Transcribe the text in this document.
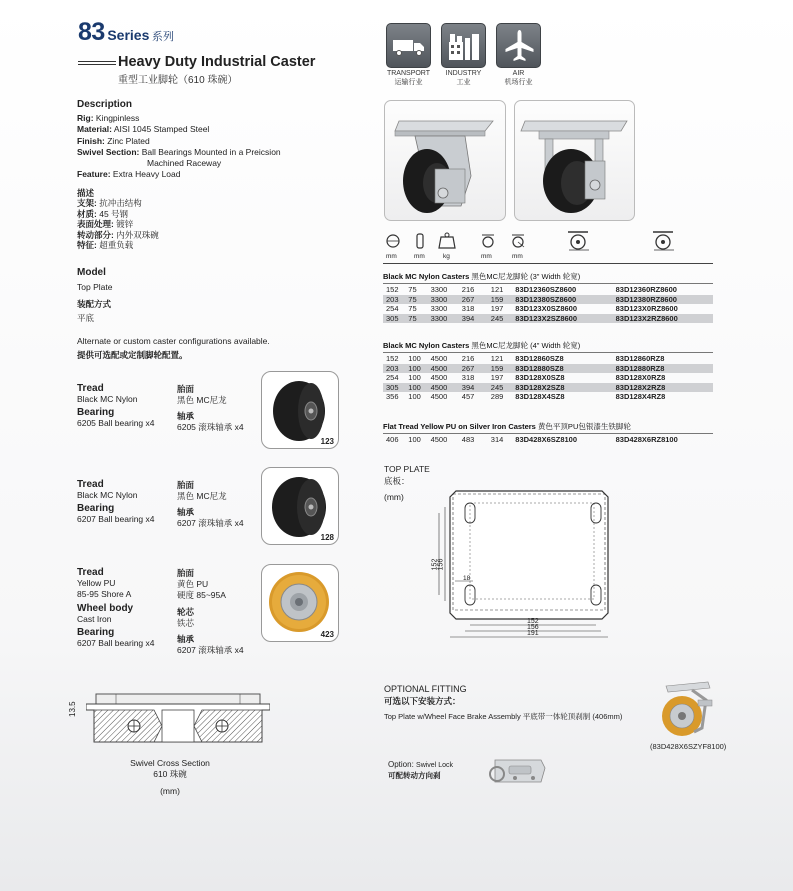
83 Series 系列
Heavy Duty Industrial Caster
重型工业脚轮（610 珠碗）
TRANSPORT
运输行业
INDUSTRY
工业
AIR
机场行业
Description
Rig: Kingpinless
Material: AISI 1045 Stamped Steel
Finish: Zinc Plated
Swivel Section: Ball Bearings Mounted in a Preicsion
Machined Raceway
Feature: Extra Heavy Load
描述
支架: 抗冲击结构
材质: 45 号钢
表面处理: 镀锌
转动部分: 内外双珠碗
特征: 超重负载
Model
Top Plate
装配方式
平底
Alternate or custom caster configurations available.
提供可选配或定制脚轮配置。
Tread
Black MC Nylon
Bearing
6205 Ball bearing x4
胎面
黑色 MC尼龙
轴承
6205 滚珠轴承 x4
123
Tread
Black MC Nylon
Bearing
6207 Ball bearing x4
胎面
黑色 MC尼龙
轴承
6207 滚珠轴承 x4
128
Tread
Yellow PU
85-95 Shore A
Wheel body
Cast Iron
Bearing
6207 Ball bearing x4
胎面
黄色 PU
硬度 85~95A
轮芯
铁芯
轴承
6207 滚珠轴承 x4
423
13.5
Swivel Cross Section
610 珠碗
(mm)
mm	mm	kg	mm	mm
Black MC Nylon Casters 黑色MC尼龙脚轮 (3" Width 轮宽)
152	75	3300	216	121	83D12360SZ8600	83D12360RZ8600
203	75	3300	267	159	83D12380SZ8600	83D12380RZ8600
254	75	3300	318	197	83D123X0SZ8600	83D123X0RZ8600
305	75	3300	394	245	83D123X2SZ8600	83D123X2RZ8600
Black MC Nylon Casters 黑色MC尼龙脚轮 (4" Width 轮宽)
152	100	4500	216	121	83D12860SZ8	83D12860RZ8
203	100	4500	267	159	83D12880SZ8	83D12880RZ8
254	100	4500	318	197	83D128X0SZ8	83D128X0RZ8
305	100	4500	394	245	83D128X2SZ8	83D128X2RZ8
356	100	4500	457	289	83D128X4SZ8	83D128X4RZ8
Flat Tread Yellow PU on Silver Iron Casters 黄色平顶PU包银漆生铁脚轮
406	100	4500	483	314	83D428X6SZ8100	83D428X6RZ8100
TOP PLATE
底板：
(mm)
152
156
191
152 156
18
OPTIONAL FITTING
可选以下安装方式：
Top Plate w/Wheel Face Brake Assembly 平底带一体轮顶刹制 (406mm)
(83D428X6SZYF8100)
Option: Swivel Lock
可配转动方向刹
